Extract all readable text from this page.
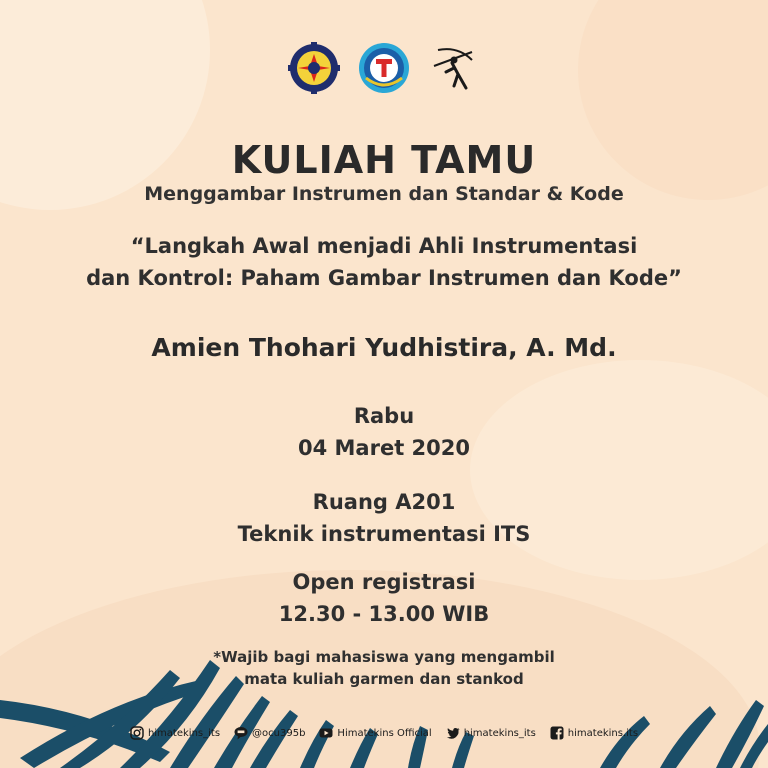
KULIAH TAMU
Menggambar Instrumen dan Standar & Kode
“Langkah Awal menjadi Ahli Instrumentasi
dan Kontrol: Paham Gambar Instrumen dan Kode”
Amien Thohari Yudhistira, A. Md.
Rabu
04 Maret 2020
Ruang A201
Teknik instrumentasi ITS
Open registrasi
12.30 - 13.00 WIB
*Wajib bagi mahasiswa yang mengambil
mata kuliah garmen dan stankod
himatekins_its	@ocu395b	Himatekins Official	himatekins_its	himatekins.its
